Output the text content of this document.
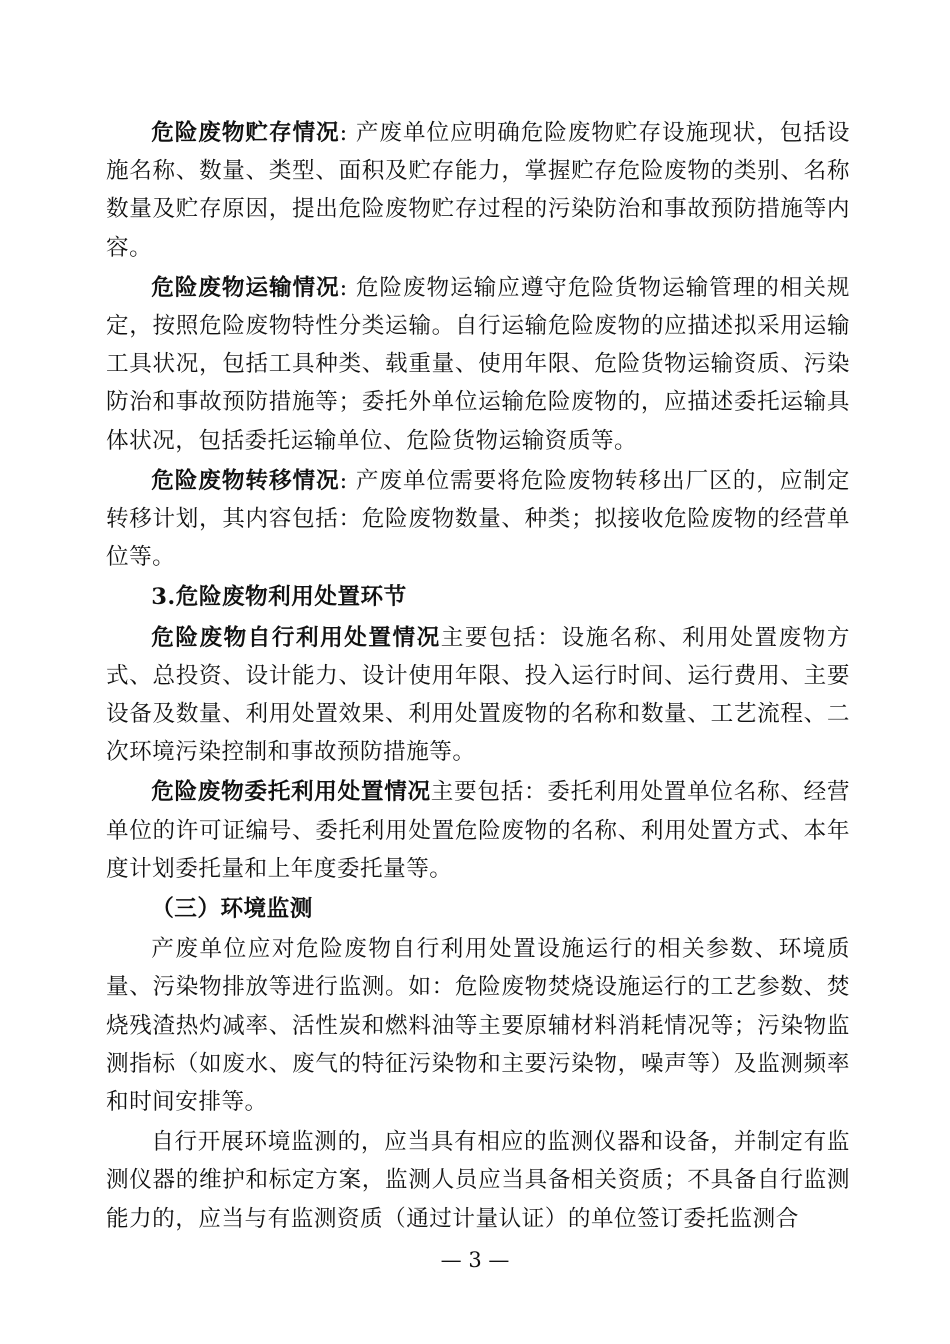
危险废物贮存情况: 产废单位应明确危险废物贮存设施现状，包括设施名称、数量、类型、面积及贮存能力，掌握贮存危险废物的类别、名称数量及贮存原因，提出危险废物贮存过程的污染防治和事故预防措施等内容。

危险废物运输情况: 危险废物运输应遵守危险货物运输管理的相关规定，按照危险废物特性分类运输。自行运输危险废物的应描述拟采用运输工具状况，包括工具种类、载重量、使用年限、危险货物运输资质、污染防治和事故预防措施等；委托外单位运输危险废物的，应描述委托运输具体状况，包括委托运输单位、危险货物运输资质等。

危险废物转移情况: 产废单位需要将危险废物转移出厂区的，应制定转移计划，其内容包括：危险废物数量、种类；拟接收危险废物的经营单位等。

3.危险废物利用处置环节

危险废物自行利用处置情况主要包括：设施名称、利用处置废物方式、总投资、设计能力、设计使用年限、投入运行时间、运行费用、主要设备及数量、利用处置效果、利用处置废物的名称和数量、工艺流程、二次环境污染控制和事故预防措施等。

危险废物委托利用处置情况主要包括：委托利用处置单位名称、经营单位的许可证编号、委托利用处置危险废物的名称、利用处置方式、本年度计划委托量和上年度委托量等。

（三）环境监测

产废单位应对危险废物自行利用处置设施运行的相关参数、环境质量、污染物排放等进行监测。如：危险废物焚烧设施运行的工艺参数、焚烧残渣热灼减率、活性炭和燃料油等主要原辅材料消耗情况等；污染物监测指标（如废水、废气的特征污染物和主要污染物，噪声等）及监测频率和时间安排等。

自行开展环境监测的，应当具有相应的监测仪器和设备，并制定有监测仪器的维护和标定方案，监测人员应当具备相关资质；不具备自行监测能力的，应当与有监测资质（通过计量认证）的单位签订委托监测合

— 3 —
